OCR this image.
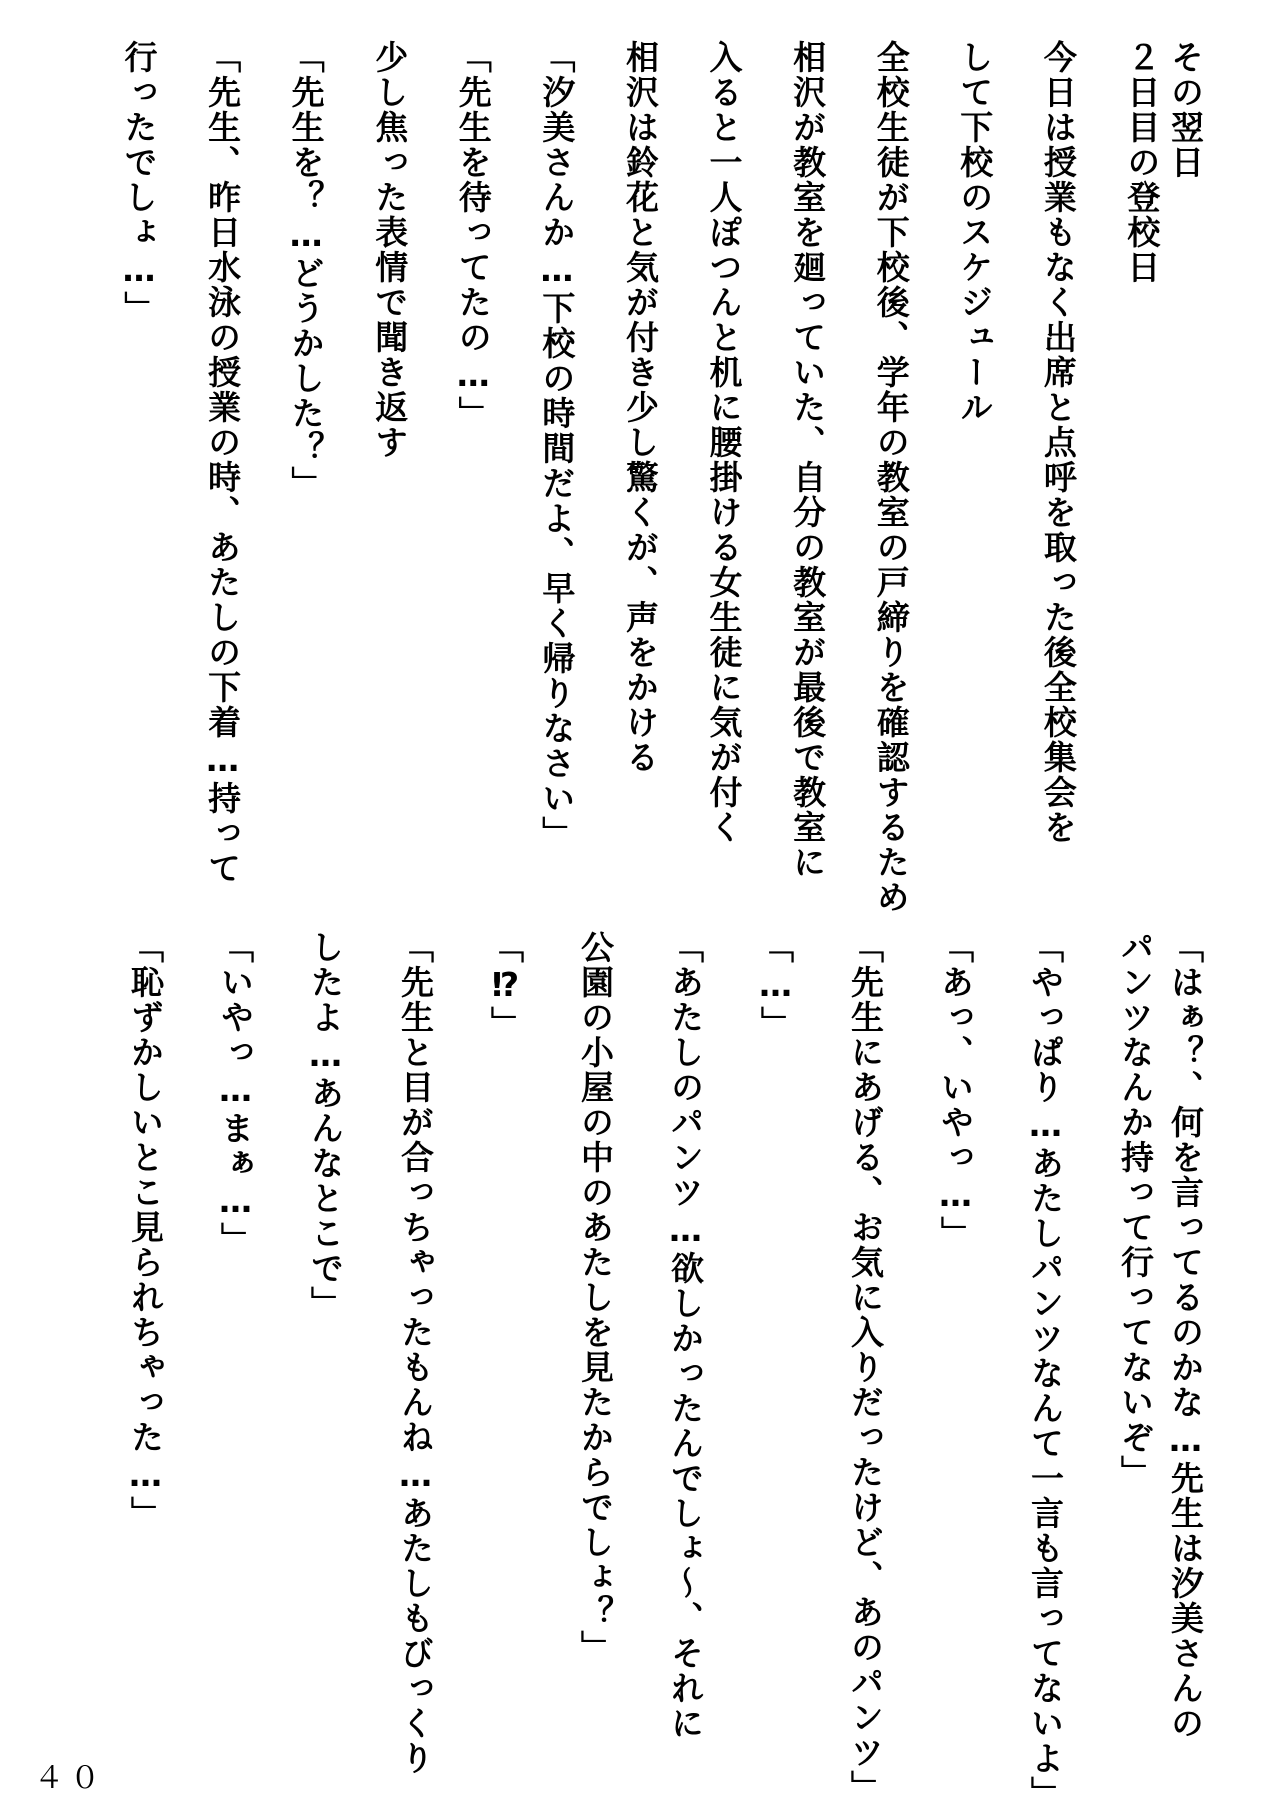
その翌日
２日目の登校日
今日は授業もなく出席と点呼を取った後全校集会を
して下校のスケジュール
全校生徒が下校後、学年の教室の戸締りを確認するため
相沢が教室を廻っていた、自分の教室が最後で教室に
入ると一人ぽつんと机に腰掛ける女生徒に気が付く
相沢は鈴花と気が付き少し驚くが、声をかける
「汐美さんか…下校の時間だよ、早く帰りなさい」
「先生を待ってたの…」
少し焦った表情で聞き返す
「先生を？…どうかした？」
「先生、昨日水泳の授業の時、あたしの下着…持って
行ったでしょ…」
「はぁ？、何を言ってるのかな…先生は汐美さんの
パンツなんか持って行ってないぞ」
「やっぱり…あたしパンツなんて一言も言ってないよ」
「あっ、いやっ…」
「先生にあげる、お気に入りだったけど、あのパンツ」
「…」
「あたしのパンツ…欲しかったんでしょ〜、それに
公園の小屋の中のあたしを見たからでしょ？」
「⁉」
「先生と目が合っちゃったもんね…あたしもびっくり
したよ…あんなとこで」
「いやっ…まぁ…」
「恥ずかしいとこ見られちゃった…」
４０
